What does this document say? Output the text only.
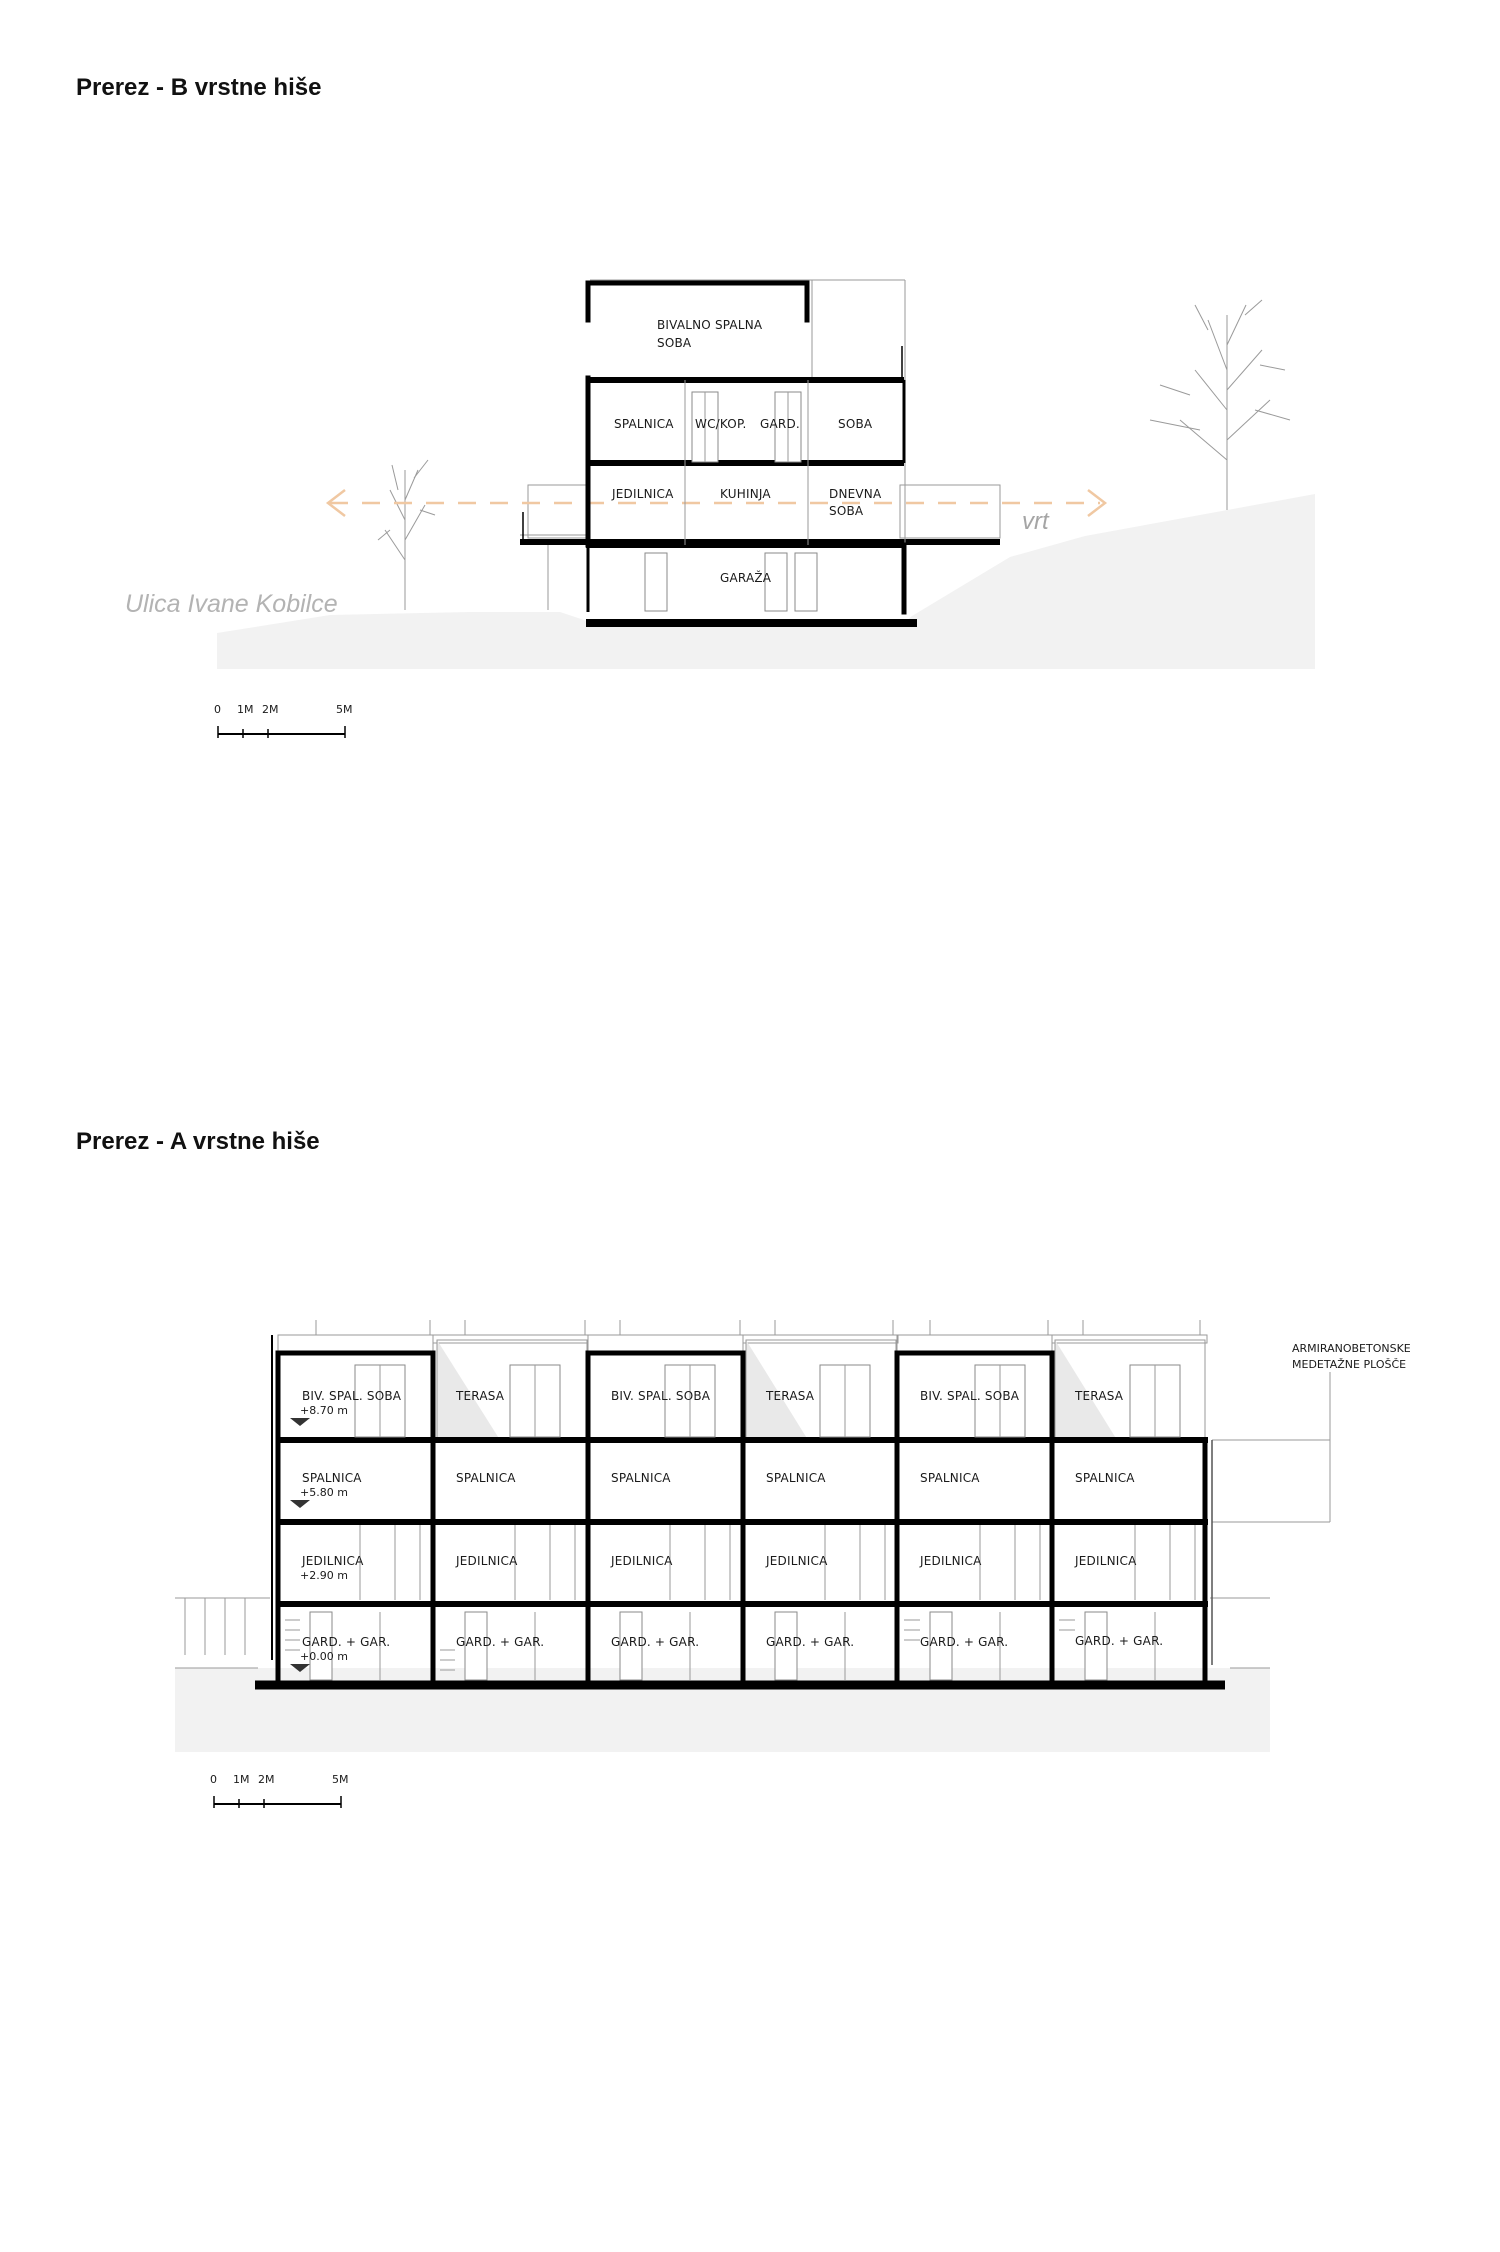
Prerez - B vrstne hiše
Prerez - A vrstne hiše
BIVALNO SPALNA
SOBA
SPALNICA WC/KOP. GARD.	SOBA
JEDILNICA	KUHINJA	DNEVNA
SOBA
GARAŽA
Ulica Ivane Kobilce
vrt
0 1M 2M	5M
ARMIRANOBETONSKE
MEDETAŽNE PLOŠČE
BIV. SPAL. SOBA	TERASA	BIV. SPAL. SOBA	TERASA	BIV. SPAL. SOBA	TERASA
SPALNICA	SPALNICA	SPALNICA	SPALNICA	SPALNICA	SPALNICA
JEDILNICA	JEDILNICA	JEDILNICA	JEDILNICA	JEDILNICA	JEDILNICA
GARD. + GAR.	GARD. + GAR.	GARD. + GAR.	GARD. + GAR.	GARD. + GAR.	GARD. + GAR.
+8.70 m
+5.80 m
+2.90 m
+0.00 m
0 1M 2M	5M
